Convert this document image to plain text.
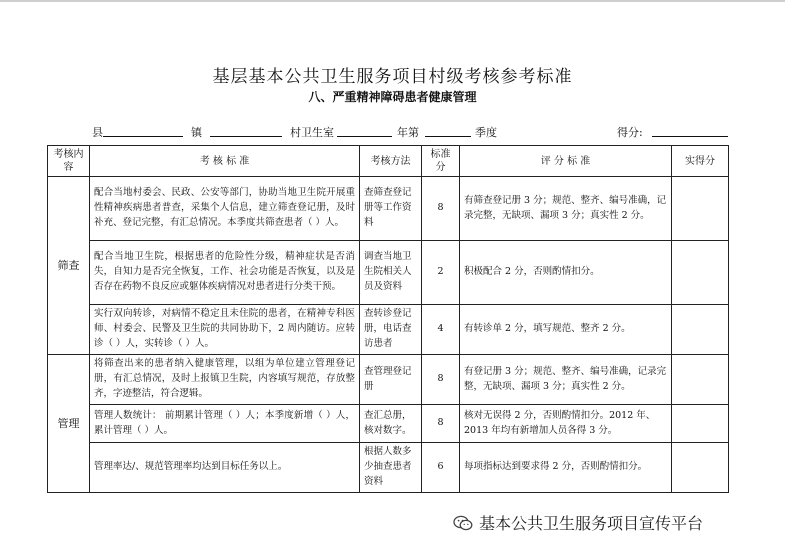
基层基本公共卫生服务项目村级考核参考标准
八、严重精神障碍患者健康管理
县	镇	村卫生室	年第	季度	得分:
考核内容	考 核 标 准	考核方法	标准分	评 分 标 准	实得分
筛查	配合当地村委会、民政、公安等部门，协助当地卫生院开展重性精神疾病患者普查，采集个人信息，建立筛查登记册，及时补充、登记完整，有汇总情况。本季度共筛查患者（ ）人。	查筛查登记册等工作资料	8	有筛查登记册 3 分；规范、整齐、编号准确，记录完整，无缺项、漏项 3 分；真实性 2 分。	
	配合当地卫生院，根据患者的危险性分级，精神症状是否消失，自知力是否完全恢复，工作、社会功能是否恢复，以及是否存在药物不良反应或躯体疾病情况对患者进行分类干预。	调查当地卫生院相关人员及资料	2	积极配合 2 分，否则酌情扣分。	
	实行双向转诊，对病情不稳定且未住院的患者，在精神专科医师、村委会、民警及卫生院的共同协助下，2 周内随访。应转诊（ ）人，实转诊（ ）人。	查转诊登记册，电话查访患者	4	有转诊单 2 分，填写规范、整齐 2 分。	
管理	将筛查出来的患者纳入健康管理，以组为单位建立管理登记册，有汇总情况，及时上报镇卫生院，内容填写规范，存放整齐，字迹整洁，符合逻辑。	查管理登记册	8	有登记册 3 分；规范、整齐、编号准确，记录完整，无缺项、漏项 3 分；真实性 2 分。	
	管理人数统计： 前期累计管理（ ）人；本季度新增（ ）人，累计管理（ ）人。	查汇总册，核对数字。	8	核对无误得 2 分，否则酌情扣分。2012 年、2013 年均有新增加人员各得 3 分。	
	管理率达/、规范管理率均达到目标任务以上。	根据人数多少抽查患者资料	6	每项指标达到要求得 2 分，否则酌情扣分。	
基本公共卫生服务项目宣传平台
